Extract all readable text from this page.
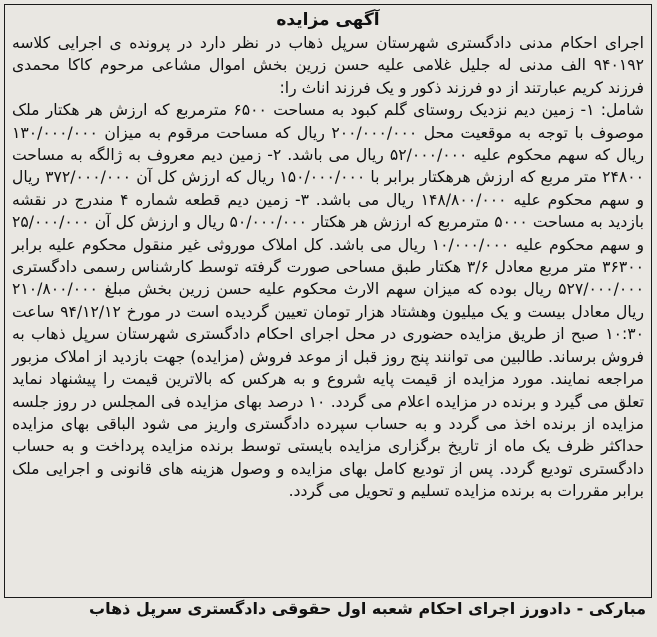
آگهی مزایده

اجرای احکام مدنی دادگستری شهرستان سرپل ذهاب در نظر دارد در پرونده ی اجرایی کلاسه ۹۴۰۱۹۲ الف مدنی له جلیل غلامی علیه حسن زرین بخش اموال مشاعی مرحوم کاکا محمدی فرزند کریم عبارتند از دو فرزند ذکور و یک فرزند اناث را:

شامل: ۱- زمین دیم نزدیک روستای گلم کبود به مساحت ۶۵۰۰ مترمربع که ارزش هر هکتار ملک موصوف با توجه به موقعیت محل ۲۰۰/۰۰۰/۰۰۰ ریال که مساحت مرقوم به میزان ۱۳۰/۰۰۰/۰۰۰ ریال که سهم محکوم علیه ۵۲/۰۰۰/۰۰۰ ریال می باشد. ۲- زمین دیم معروف به ژالگه به مساحت ۲۴۸۰۰ متر مربع که ارزش هرهکتار برابر با ۱۵۰/۰۰۰/۰۰۰ ریال که ارزش کل آن ۳۷۲/۰۰۰/۰۰۰ ریال و سهم محکوم علیه ۱۴۸/۸۰۰/۰۰۰ ریال می باشد. ۳- زمین دیم قطعه شماره ۴ مندرج در نقشه بازدید به مساحت ۵۰۰۰ مترمربع که ارزش هر هکتار ۵۰/۰۰۰/۰۰۰ ریال و ارزش کل آن ۲۵/۰۰۰/۰۰۰ و سهم محکوم علیه ۱۰/۰۰۰/۰۰۰ ریال می باشد. کل املاک موروثی غیر منقول محکوم علیه برابر ۳۶۳۰۰ متر مربع معادل ۳/۶ هکتار طبق مساحی صورت گرفته توسط کارشناس رسمی دادگستری ۵۲۷/۰۰۰/۰۰۰ ریال بوده که میزان سهم الارث محکوم علیه حسن زرین بخش مبلغ ۲۱۰/۸۰۰/۰۰۰ ریال معادل بیست و یک میلیون وهشتاد هزار تومان تعیین گردیده است در مورخ ۹۴/۱۲/۱۲ ساعت ۱۰:۳۰ صبح از طریق مزایده حضوری در محل اجرای احکام دادگستری شهرستان سرپل ذهاب به فروش برساند. طالبین می توانند پنج روز قبل از موعد فروش (مزایده) جهت بازدید از املاک مزبور مراجعه نمایند. مورد مزایده از قیمت پایه شروع و به هرکس که بالاترین قیمت را پیشنهاد نماید تعلق می گیرد و برنده در مزایده اعلام می گردد. ۱۰ درصد بهای مزایده فی المجلس در روز جلسه مزایده از برنده اخذ می گردد و به حساب سپرده دادگستری واریز می شود الباقی بهای مزایده حداکثر ظرف یک ماه از تاریخ برگزاری مزایده بایستی توسط برنده مزایده پرداخت و به حساب دادگستری تودیع گردد. پس از تودیع کامل بهای مزایده و وصول هزینه های قانونی و اجرایی ملک برابر مقررات به برنده مزایده تسلیم و تحویل می گردد.

مبارکی - دادورز اجرای احکام شعبه اول حقوقی دادگستری سرپل ذهاب
